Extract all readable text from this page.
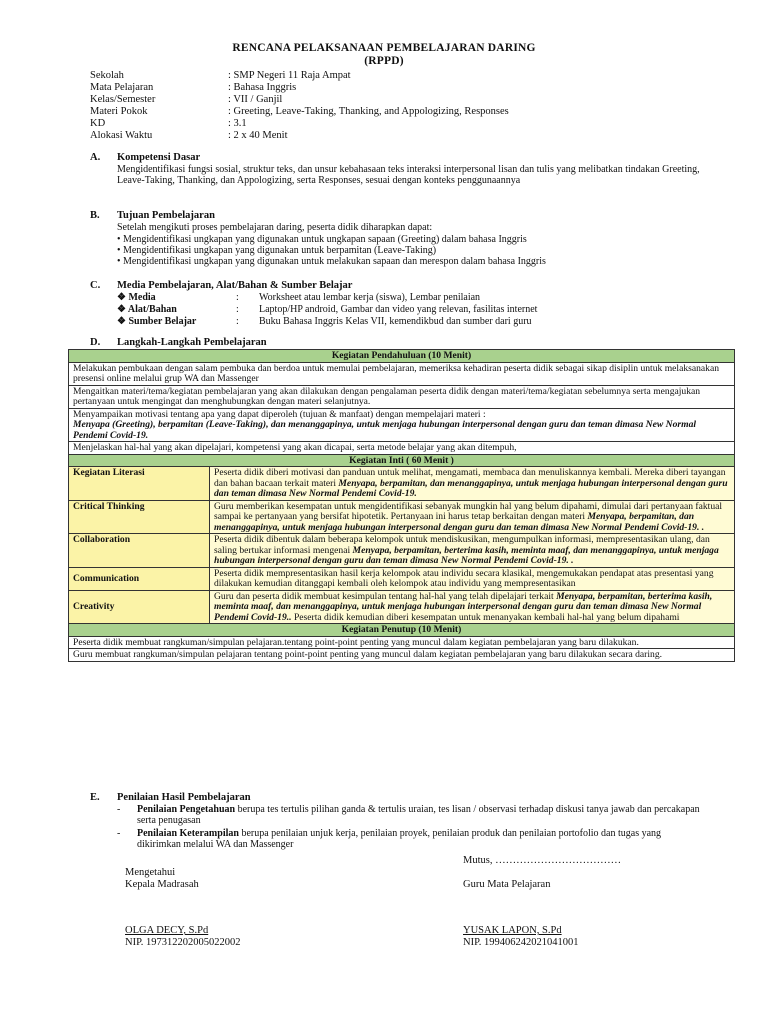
RENCANA PELAKSANAAN PEMBELAJARAN DARING
(RPPD)
Sekolah	: SMP Negeri 11 Raja Ampat
Mata Pelajaran	: Bahasa Inggris
Kelas/Semester	: VII / Ganjil
Materi Pokok	: Greeting, Leave-Taking, Thanking, and Appologizing, Responses
KD	: 3.1
Alokasi Waktu	: 2 x 40 Menit
A. Kompetensi Dasar
Mengidentifikasi fungsi sosial, struktur teks, dan unsur kebahasaan teks interaksi interpersonal lisan dan tulis yang melibatkan tindakan Greeting, Leave-Taking, Thanking, dan Appologizing, serta Responses, sesuai dengan konteks penggunaannya
B. Tujuan Pembelajaran
Setelah mengikuti proses pembelajaran daring, peserta didik diharapkan dapat:
• Mengidentifikasi ungkapan yang digunakan untuk ungkapan sapaan (Greeting) dalam bahasa Inggris
• Mengidentifikasi ungkapan yang digunakan untuk berpamitan (Leave-Taking)
• Mengidentifikasi ungkapan yang digunakan untuk melakukan sapaan dan merespon dalam bahasa Inggris
C. Media Pembelajaran, Alat/Bahan & Sumber Belajar
❖ Media	: Worksheet atau lembar kerja (siswa), Lembar penilaian
❖ Alat/Bahan	: Laptop/HP android, Gambar dan video yang relevan, fasilitas internet
❖ Sumber Belajar	: Buku Bahasa Inggris Kelas VII, kemendikbud dan sumber dari guru
D. Langkah-Langkah Pembelajaran
Kegiatan Pendahuluan (10 Menit)	
Melakukan pembukaan dengan salam pembuka dan berdoa untuk memulai pembelajaran, memeriksa kehadiran peserta didik sebagai sikap disiplin untuk melaksanakan presensi online melalui grup WA dan Massenger	
Mengaitkan materi/tema/kegiatan pembelajaran yang akan dilakukan dengan pengalaman peserta didik dengan materi/tema/kegiatan sebelumnya serta mengajukan pertanyaan untuk mengingat dan menghubungkan dengan materi selanjutnya.	

Menyampaikan motivasi tentang apa yang dapat diperoleh (tujuan & manfaat) dengan mempelajari materi :
Menyapa (Greeting), berpamitan (Leave-Taking), dan menanggapinya, untuk menjaga hubungan interpersonal dengan guru dan teman dimasa New Normal Pendemi Covid-19.	

Menjelaskan hal-hal yang akan dipelajari, kompetensi yang akan dicapai, serta metode belajar yang akan ditempuh,	
Kegiatan Inti ( 60 Menit )	
Kegiatan Literasi	Peserta didik diberi motivasi dan panduan untuk melihat, mengamati, membaca dan menuliskannya kembali. Mereka diberi tayangan dan bahan bacaan terkait materi Menyapa, berpamitan, dan menanggapinya, untuk menjaga hubungan interpersonal dengan guru dan teman dimasa New Normal Pendemi Covid-19.
Critical Thinking	Guru memberikan kesempatan untuk mengidentifikasi sebanyak mungkin hal yang belum dipahami, dimulai dari pertanyaan faktual sampai ke pertanyaan yang bersifat hipotetik. Pertanyaan ini harus tetap berkaitan dengan materi Menyapa, berpamitan, dan menanggapinya, untuk menjaga hubungan interpersonal dengan guru dan teman dimasa New Normal Pendemi Covid-19. .
Collaboration	Peserta didik dibentuk dalam beberapa kelompok untuk mendiskusikan, mengumpulkan informasi, mempresentasikan ulang, dan saling bertukar informasi mengenai Menyapa, berpamitan, berterima kasih, meminta maaf, dan menanggapinya, untuk menjaga hubungan interpersonal dengan guru dan teman dimasa New Normal Pendemi Covid-19. .
Communication	Peserta didik mempresentasikan hasil kerja kelompok atau individu secara klasikal, mengemukakan pendapat atas presentasi yang dilakukan kemudian ditanggapi kembali oleh kelompok atau individu yang mempresentasikan
Creativity	Guru dan peserta didik membuat kesimpulan tentang hal-hal yang telah dipelajari terkait Menyapa, berpamitan, berterima kasih, meminta maaf, dan menanggapinya, untuk menjaga hubungan interpersonal dengan guru dan teman dimasa New Normal Pendemi Covid-19.. Peserta didik kemudian diberi kesempatan untuk menanyakan kembali hal-hal yang belum dipahami
Kegiatan Penutup (10 Menit)	
Peserta didik membuat rangkuman/simpulan pelajaran.tentang point-point penting yang muncul dalam kegiatan pembelajaran yang baru dilakukan.	
Guru membuat rangkuman/simpulan pelajaran tentang point-point penting yang muncul dalam kegiatan pembelajaran yang baru dilakukan secara daring.	
E. Penilaian Hasil Pembelajaran
- Penilaian Pengetahuan berupa tes tertulis pilihan ganda & tertulis uraian, tes lisan / observasi terhadap diskusi tanya jawab dan percakapan serta penugasan
- Penilaian Keterampilan berupa penilaian unjuk kerja, penilaian proyek, penilaian produk dan penilaian portofolio dan tugas yang dikirimkan melalui WA dan Massenger
Mutus, ………………………………
Mengetahui
Kepala Madrasah	Guru Mata Pelajaran
OLGA DECY, S.Pd
NIP. 197312202005022002
YUSAK LAPON, S.Pd
NIP. 199406242021041001
